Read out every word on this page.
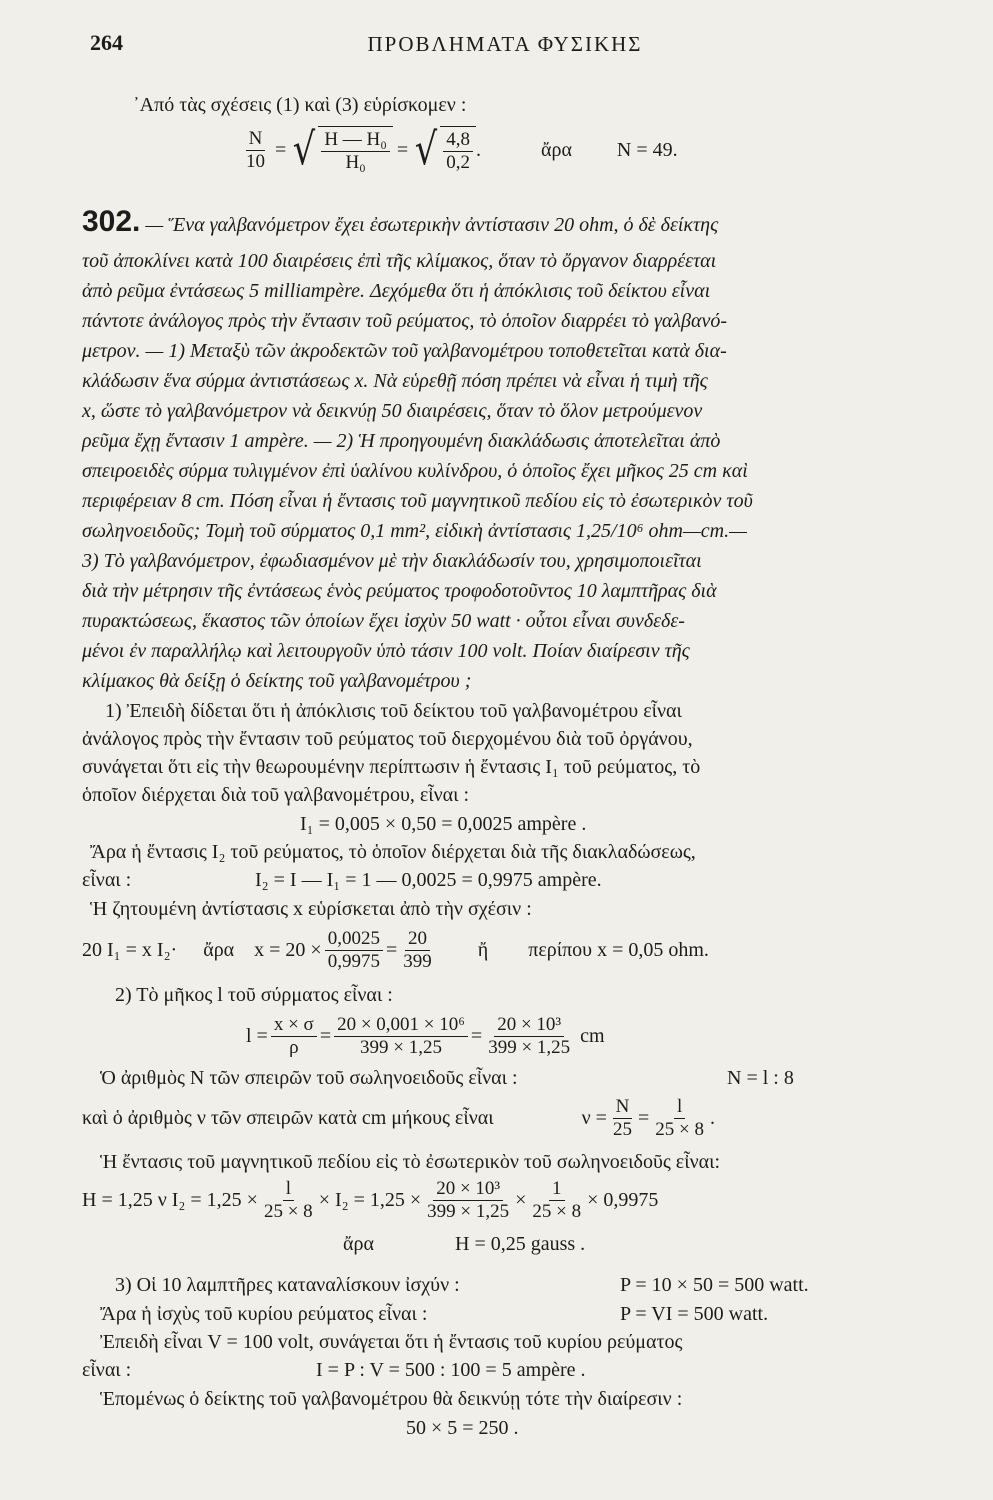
264	ΠΡΟΒΛΗΜΑΤΑ ΦΥΣΙΚΗΣ
᾿Από τὰς σχέσεις (1) καὶ (3) εὑρίσκομεν :
$\frac{N}{10}$ = √ $\frac{\text{H — H₀}}{\text{H₀}}$ = √ $\frac{4,8}{0,2}$ .	ἄρα N = 49.
302. — Ἕνα γαλβανόμετρον ἔχει ἐσωτερικὴν ἀντίστασιν 20 ohm, ὁ δὲ δείκτης
τοῦ ἀποκλίνει κατὰ 100 διαιρέσεις ἐπὶ τῆς κλίμακος, ὅταν τὸ ὄργανον διαρρέεται
ἀπὸ ρεῦμα ἐντάσεως 5 milliampère. Δεχόμεθα ὅτι ἡ ἀπόκλισις τοῦ δείκτου εἶναι
πάντοτε ἀνάλογος πρὸς τὴν ἔντασιν τοῦ ρεύματος, τὸ ὁποῖον διαρρέει τὸ γαλβανό-
μετρον. — 1) Μεταξὺ τῶν ἀκροδεκτῶν τοῦ γαλβανομέτρου τοποθετεῖται κατὰ δια-
κλάδωσιν ἕνα σύρμα ἀντιστάσεως x. Νὰ εὑρεθῇ πόση πρέπει νὰ εἶναι ἡ τιμὴ τῆς
x, ὥστε τὸ γαλβανόμετρον νὰ δεικνύῃ 50 διαιρέσεις, ὅταν τὸ ὅλον μετρούμενον
ρεῦμα ἔχῃ ἔντασιν 1 ampère. — 2) Ἡ προηγουμένη διακλάδωσις ἀποτελεῖται ἀπὸ
σπειροειδὲς σύρμα τυλιγμένον ἐπὶ ὑαλίνου κυλίνδρου, ὁ ὁποῖος ἔχει μῆκος 25 cm καὶ
περιφέρειαν 8 cm. Πόση εἶναι ἡ ἔντασις τοῦ μαγνητικοῦ πεδίου εἰς τὸ ἐσωτερικὸν τοῦ
σωληνοειδοῦς; Τομὴ τοῦ σύρματος 0,1 mm², εἰδικὴ ἀντίστασις 1,25/10⁶ ohm—cm.—
3) Τὸ γαλβανόμετρον, ἐφωδιασμένον μὲ τὴν διακλάδωσίν του, χρησιμοποιεῖται
διὰ τὴν μέτρησιν τῆς ἐντάσεως ἑνὸς ρεύματος τροφοδοτοῦντος 10 λαμπτῆρας διὰ
πυρακτώσεως, ἕκαστος τῶν ὁποίων ἔχει ἰσχὺν 50 watt · οὗτοι εἶναι συνδεδε-
μένοι ἐν παραλλήλῳ καὶ λειτουργοῦν ὑπὸ τάσιν 100 volt. Ποίαν διαίρεσιν τῆς
κλίμακος θὰ δείξῃ ὁ δείκτης τοῦ γαλβανομέτρου ;
1) Ἐπειδὴ δίδεται ὅτι ἡ ἀπόκλισις τοῦ δείκτου τοῦ γαλβανομέτρου εἶναι
ἀνάλογος πρὸς τὴν ἔντασιν τοῦ ρεύματος τοῦ διερχομένου διὰ τοῦ ὀργάνου,
συνάγεται ὅτι εἰς τὴν θεωρουμένην περίπτωσιν ἡ ἔντασις I₁ τοῦ ρεύματος, τὸ
ὁποῖον διέρχεται διὰ τοῦ γαλβανομέτρου, εἶναι :
I₁ = 0,005 × 0,50 = 0,0025 ampère .
Ἄρα ἡ ἔντασις I₂ τοῦ ρεύματος, τὸ ὁποῖον διέρχεται διὰ τῆς διακλαδώσεως,
εἶναι :	I₂ = I — I₁ = 1 — 0,0025 = 0,9975 ampère.
Ἡ ζητουμένη ἀντίστασις x εὑρίσκεται ἀπὸ τὴν σχέσιν :
20 I₁ = x I₂· ἄρα $x = 20 \times \frac{0,0025}{0,9975} = \frac{20}{399}$ ἤ περίπου x = 0,05 ohm.
2) Τὸ μῆκος l τοῦ σύρματος εἶναι :
$l = \frac{x \times \sigma}{\rho} = \frac{\text{20 × 0,001 × 10⁶}}{399 \times 1,25} = \frac{\text{20 × 10³}}{399 \times 1,25}$ cm
Ὁ ἀριθμὸς N τῶν σπειρῶν τοῦ σωληνοειδοῦς εἶναι :	N = l : 8
καὶ ὁ ἀριθμὸς ν τῶν σπειρῶν κατὰ cm μήκους εἶναι	$\nu = \frac{N}{25} = \frac{l}{25 \times 8}$ .
Ἡ ἔντασις τοῦ μαγνητικοῦ πεδίου εἰς τὸ ἐσωτερικὸν τοῦ σωληνοειδοῦς εἶναι:
H = 1,25 ν $I_2 = 1,25 \times \frac{l}{25 \times 8} \times I_2 = 1,25 \times \frac{\text{20 × 10³}}{399 \times 1,25} \times \frac{1}{25 \times 8} \times 0,9975$
ἄρα	H = 0,25 gauss .
3) Οἱ 10 λαμπτῆρες καταναλίσκουν ἰσχύν :	P = 10 × 50 = 500 watt.
Ἄρα ἡ ἰσχὺς τοῦ κυρίου ρεύματος εἶναι :	P = VI = 500 watt.
Ἐπειδὴ εἶναι V = 100 volt, συνάγεται ὅτι ἡ ἔντασις τοῦ κυρίου ρεύματος
εἶναι :	I = P : V = 500 : 100 = 5 ampère .
Ἑπομένως ὁ δείκτης τοῦ γαλβανομέτρου θὰ δεικνύῃ τότε τὴν διαίρεσιν :
50 × 5 = 250 .
